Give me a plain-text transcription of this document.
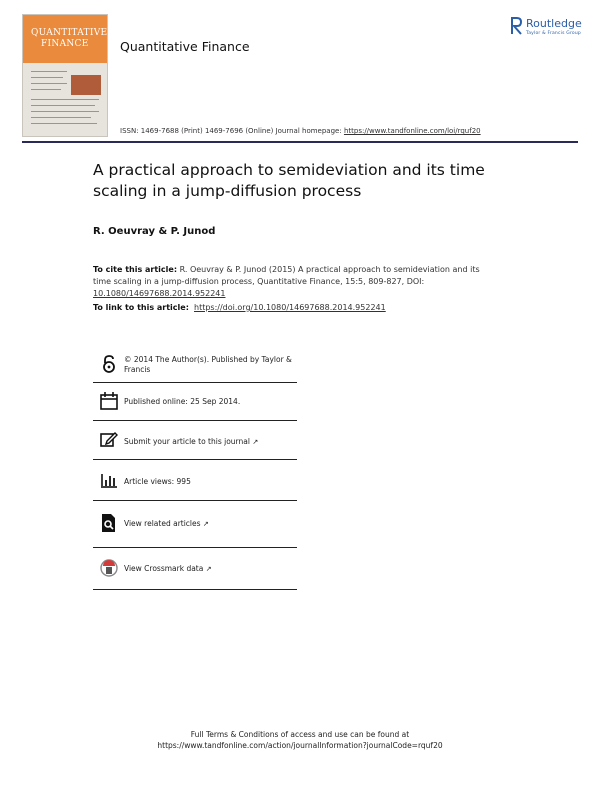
QUANTITATIVE
FINANCE	Quantitative Finance
Routledge
Taylor & Francis Group
ISSN: 1469-7688 (Print) 1469-7696 (Online) Journal homepage: https://www.tandfonline.com/loi/rquf20
A practical approach to semideviation and its time scaling in a jump-diffusion process
R. Oeuvray & P. Junod
To cite this article: R. Oeuvray & P. Junod (2015) A practical approach to semideviation and its time scaling in a jump-diffusion process, Quantitative Finance, 15:5, 809-827, DOI: 10.1080/14697688.2014.952241
To link to this article: https://doi.org/10.1080/14697688.2014.952241
© 2014 The Author(s). Published by Taylor & Francis
Published online: 25 Sep 2014.
Submit your article to this journal ↗
Article views: 995
View related articles ↗
View Crossmark data ↗
Full Terms & Conditions of access and use can be found at
https://www.tandfonline.com/action/journalInformation?journalCode=rquf20
